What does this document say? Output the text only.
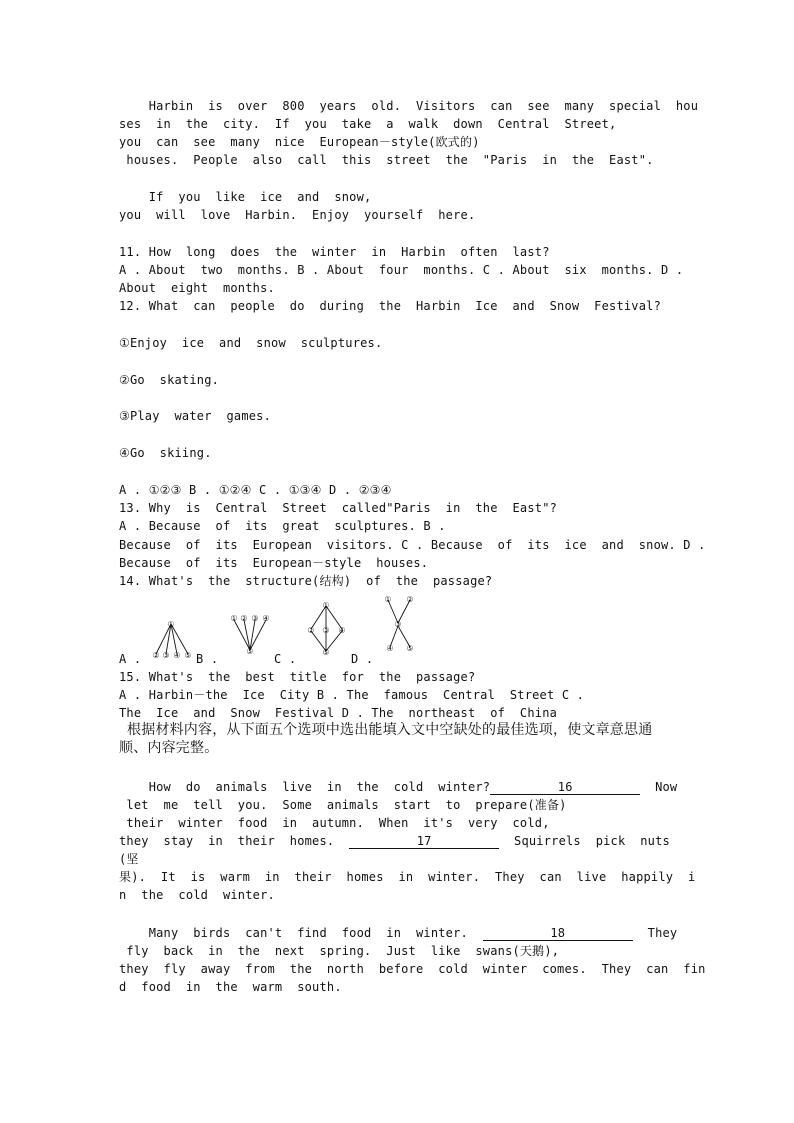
Harbin  is  over  800  years  old.  Visitors  can  see  many  special  hou
ses  in  the  city.  If  you  take  a  walk  down  Central  Street,
you  can  see  many  nice  European－style(欧式的)
houses.  People  also  call  this  street  the  "Paris  in  the  East".
If  you  like  ice  and  snow,
you  will  love  Harbin.  Enjoy  yourself  here.
11. How  long  does  the  winter  in  Harbin  often  last?
A . About  two  months. B . About  four  months. C . About  six  months. D .
About  eight  months.
12. What  can  people  do  during  the  Harbin  Ice  and  Snow  Festival?
①Enjoy  ice  and  snow  sculptures.
②Go  skating.
③Play  water  games.
④Go  skiing.
A . ①②③ B . ①②④ C . ①③④ D . ②③④
13. Why  is  Central  Street  called"Paris  in  the  East"?
A . Because  of  its  great  sculptures. B .
Because  of  its  European  visitors. C . Because  of  its  ice  and  snow. D .
Because  of  its  European－style  houses.
14. What's  the  structure(结构)  of  the  passage?
A .	B .	C .	D .
①
② ③ ④ ⑤
① ② ③ ④
⑤
①
② ③ ④
⑤
① ②
③
④ ⑤
15. What's  the  best  title  for  the  passage?
A . Harbin－the  Ice  City B . The  famous  Central  Street C .
The  Ice  and  Snow  Festival D . The  northeast  of  China
根据材料内容，从下面五个选项中选出能填入文中空缺处的最佳选项，使文章意思通
顺、内容完整。
How  do  animals  live  in  the  cold  winter?	16	Now
let  me  tell  you.  Some  animals  start  to  prepare(准备)
their  winter  food  in  autumn.  When  it's  very  cold,
they  stay  in  their  homes.	17	Squirrels  pick  nuts
(坚
果).  It  is  warm  in  their  homes  in  winter.  They  can  live  happily  i
n  the  cold  winter.
Many  birds  can't  find  food  in  winter.	18	They
fly  back  in  the  next  spring.  Just  like  swans(天鹅),
they  fly  away  from  the  north  before  cold  winter  comes.  They  can  fin
d  food  in  the  warm  south.
